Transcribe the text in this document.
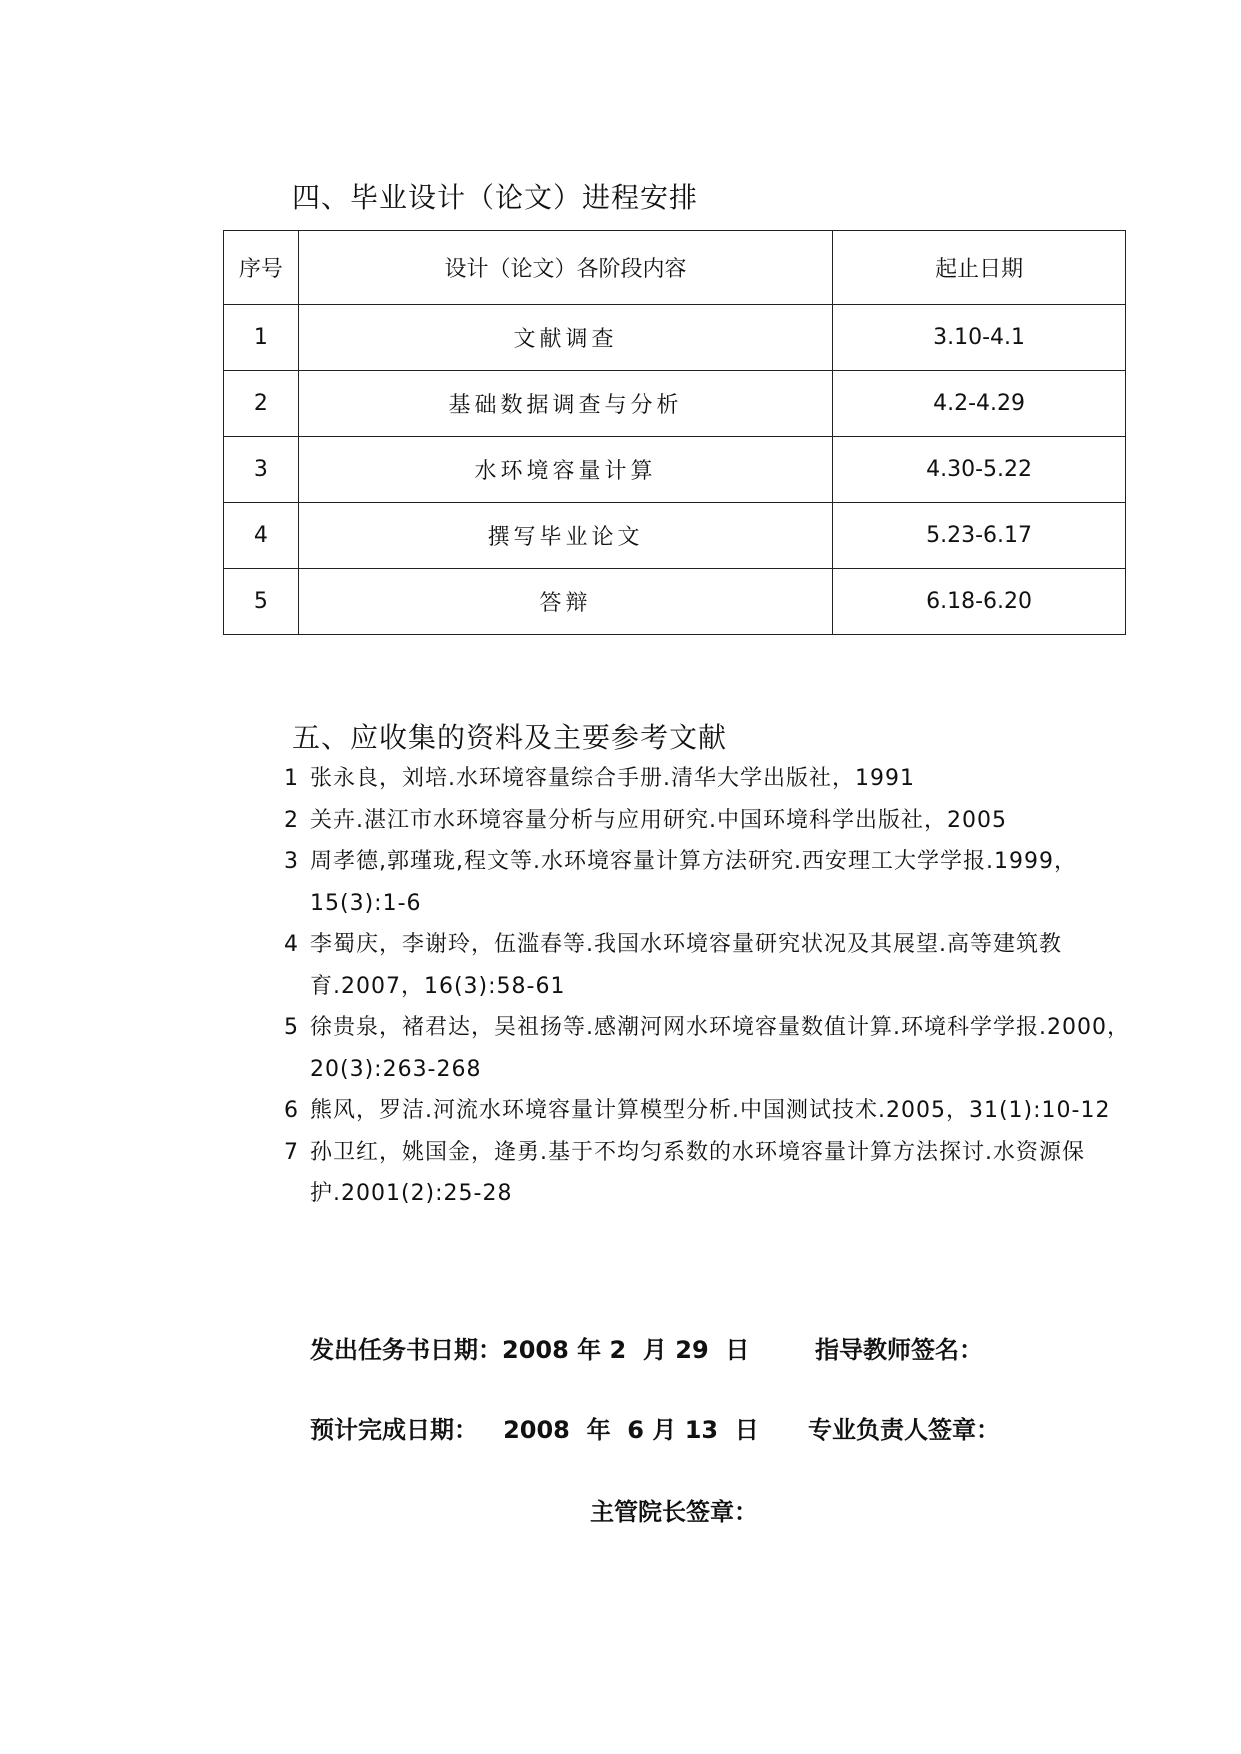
四、毕业设计（论文）进程安排
序号	设计（论文）各阶段内容	起止日期
1	文献调查	3.10-4.1
2	基础数据调查与分析	4.2-4.29
3	水环境容量计算	4.30-5.22
4	撰写毕业论文	5.23-6.17
5	答辩	6.18-6.20
五、应收集的资料及主要参考文献
1 张永良，刘培.水环境容量综合手册.清华大学出版社，1991
2 关卉.湛江市水环境容量分析与应用研究.中国环境科学出版社，2005
3 周孝德,郭瑾珑,程文等.水环境容量计算方法研究.西安理工大学学报.1999，15(3):1-6
4 李蜀庆，李谢玲，伍滥春等.我国水环境容量研究状况及其展望.高等建筑教育.2007，16(3):58-61
5 徐贵泉，褚君达，吴祖扬等.感潮河网水环境容量数值计算.环境科学学报.2000，20(3):263-268
6 熊风，罗洁.河流水环境容量计算模型分析.中国测试技术.2005，31(1):10-12
7 孙卫红，姚国金，逄勇.基于不均匀系数的水环境容量计算方法探讨.水资源保护.2001(2):25-28
发出任务书日期：2008 年 2  月 29  日	指导教师签名：
预计完成日期：   2008  年  6 月 13  日 专业负责人签章：
主管院长签章：
